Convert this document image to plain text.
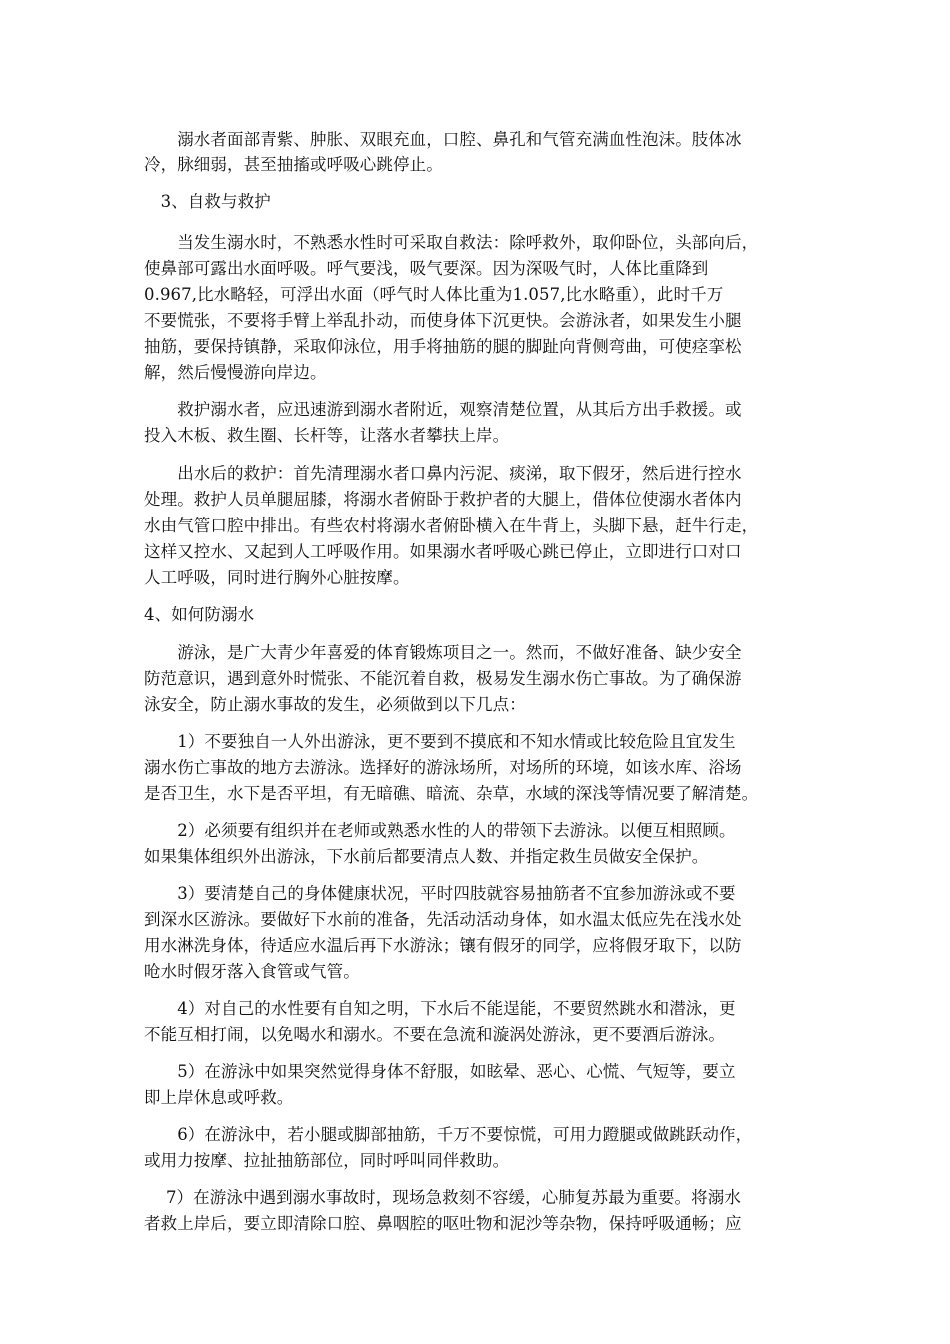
　　溺水者面部青紫、肿胀、双眼充血，口腔、鼻孔和气管充满血性泡沫。肢体冰
冷，脉细弱，甚至抽搐或呼吸心跳停止。
　3、自救与救护
　　当发生溺水时，不熟悉水性时可采取自救法：除呼救外，取仰卧位，头部向后，
使鼻部可露出水面呼吸。呼气要浅，吸气要深。因为深吸气时，人体比重降到
0.967,比水略轻，可浮出水面（呼气时人体比重为1.057,比水略重），此时千万
不要慌张，不要将手臂上举乱扑动，而使身体下沉更快。会游泳者，如果发生小腿
抽筋，要保持镇静，采取仰泳位，用手将抽筋的腿的脚趾向背侧弯曲，可使痉挛松
解，然后慢慢游向岸边。
　　救护溺水者，应迅速游到溺水者附近，观察清楚位置，从其后方出手救援。或
投入木板、救生圈、长杆等，让落水者攀扶上岸。
　　出水后的救护：首先清理溺水者口鼻内污泥、痰涕，取下假牙，然后进行控水
处理。救护人员单腿屈膝，将溺水者俯卧于救护者的大腿上，借体位使溺水者体内
水由气管口腔中排出。有些农村将溺水者俯卧横入在牛背上，头脚下悬，赶牛行走，
这样又控水、又起到人工呼吸作用。如果溺水者呼吸心跳已停止，立即进行口对口
人工呼吸，同时进行胸外心脏按摩。
4、如何防溺水
　　游泳，是广大青少年喜爱的体育锻炼项目之一。然而，不做好准备、缺少安全
防范意识，遇到意外时慌张、不能沉着自救，极易发生溺水伤亡事故。为了确保游
泳安全，防止溺水事故的发生，必须做到以下几点：
　　1）不要独自一人外出游泳，更不要到不摸底和不知水情或比较危险且宜发生
溺水伤亡事故的地方去游泳。选择好的游泳场所，对场所的环境，如该水库、浴场
是否卫生，水下是否平坦，有无暗礁、暗流、杂草，水域的深浅等情况要了解清楚。
　　2）必须要有组织并在老师或熟悉水性的人的带领下去游泳。以便互相照顾。
如果集体组织外出游泳，下水前后都要清点人数、并指定救生员做安全保护。
　　3）要清楚自己的身体健康状况，平时四肢就容易抽筋者不宜参加游泳或不要
到深水区游泳。要做好下水前的准备，先活动活动身体，如水温太低应先在浅水处
用水淋洗身体，待适应水温后再下水游泳；镶有假牙的同学，应将假牙取下，以防
呛水时假牙落入食管或气管。
　　4）对自己的水性要有自知之明，下水后不能逞能，不要贸然跳水和潜泳，更
不能互相打闹，以免喝水和溺水。不要在急流和漩涡处游泳，更不要酒后游泳。
　　5）在游泳中如果突然觉得身体不舒服，如眩晕、恶心、心慌、气短等，要立
即上岸休息或呼救。
　　6）在游泳中，若小腿或脚部抽筋，千万不要惊慌，可用力蹬腿或做跳跃动作，
或用力按摩、拉扯抽筋部位，同时呼叫同伴救助。
　 7）在游泳中遇到溺水事故时，现场急救刻不容缓，心肺复苏最为重要。将溺水
者救上岸后，要立即清除口腔、鼻咽腔的呕吐物和泥沙等杂物，保持呼吸通畅；应
